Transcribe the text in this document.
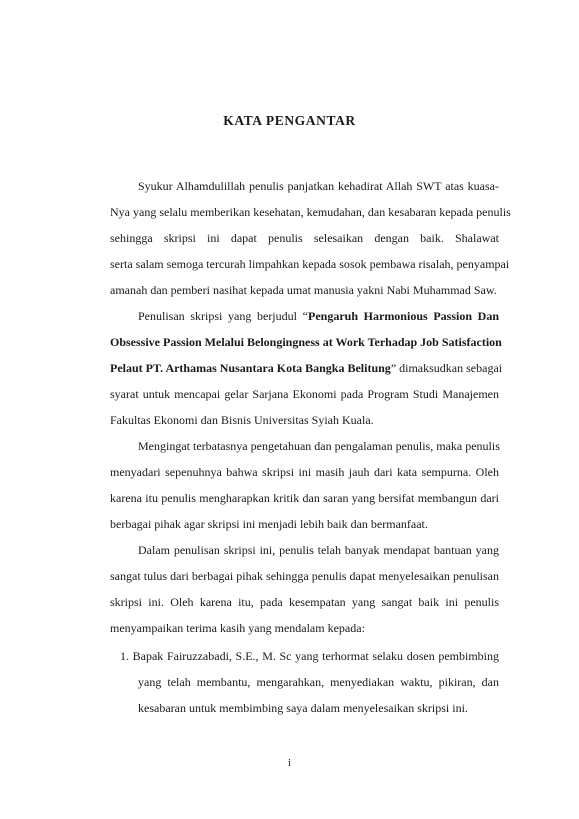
KATA PENGANTAR
Syukur Alhamdulillah penulis panjatkan kehadirat Allah SWT atas kuasa-
Nya yang selalu memberikan kesehatan, kemudahan, dan kesabaran kepada penulis
sehingga skripsi ini dapat penulis selesaikan dengan baik. Shalawat
serta salam semoga tercurah limpahkan kepada sosok pembawa risalah, penyampai
amanah dan pemberi nasihat kepada umat manusia yakni Nabi Muhammad Saw.
Penulisan skripsi yang berjudul “Pengaruh Harmonious Passion Dan
Obsessive Passion Melalui Belongingness at Work Terhadap Job Satisfaction
Pelaut PT. Arthamas Nusantara Kota Bangka Belitung” dimaksudkan sebagai
syarat untuk mencapai gelar Sarjana Ekonomi pada Program Studi Manajemen
Fakultas Ekonomi dan Bisnis Universitas Syiah Kuala.
Mengingat terbatasnya pengetahuan dan pengalaman penulis, maka penulis
menyadari sepenuhnya bahwa skripsi ini masih jauh dari kata sempurna. Oleh
karena itu penulis mengharapkan kritik dan saran yang bersifat membangun dari
berbagai pihak agar skripsi ini menjadi lebih baik dan bermanfaat.
Dalam penulisan skripsi ini, penulis telah banyak mendapat bantuan yang
sangat tulus dari berbagai pihak sehingga penulis dapat menyelesaikan penulisan
skripsi ini. Oleh karena itu, pada kesempatan yang sangat baik ini penulis
menyampaikan terima kasih yang mendalam kepada:
1. Bapak Fairuzzabadi, S.E., M. Sc yang terhormat selaku dosen pembimbing
yang telah membantu, mengarahkan, menyediakan waktu, pikiran, dan
kesabaran untuk membimbing saya dalam menyelesaikan skripsi ini.
i
